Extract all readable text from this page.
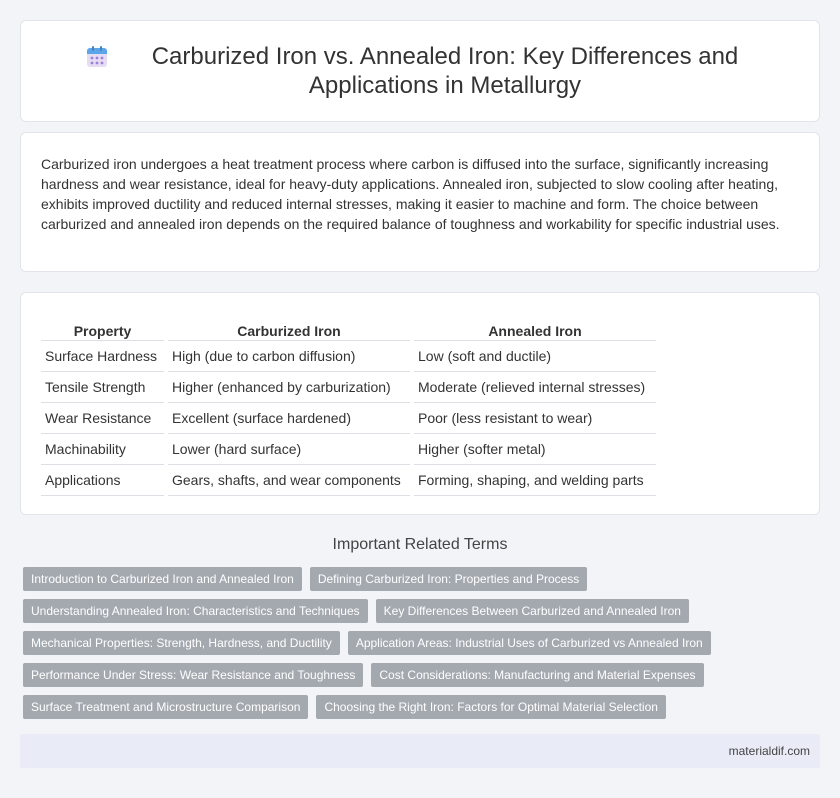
Carburized Iron vs. Annealed Iron: Key Differences and Applications in Metallurgy

Carburized iron undergoes a heat treatment process where carbon is diffused into the surface, significantly increasing hardness and wear resistance, ideal for heavy-duty applications. Annealed iron, subjected to slow cooling after heating, exhibits improved ductility and reduced internal stresses, making it easier to machine and form. The choice between carburized and annealed iron depends on the required balance of toughness and workability for specific industrial uses.

Property	Carburized Iron	Annealed Iron
Surface Hardness	High (due to carbon diffusion)	Low (soft and ductile)
Tensile Strength	Higher (enhanced by carburization)	Moderate (relieved internal stresses)
Wear Resistance	Excellent (surface hardened)	Poor (less resistant to wear)
Machinability	Lower (hard surface)	Higher (softer metal)
Applications	Gears, shafts, and wear components	Forming, shaping, and welding parts
Important Related Terms
Introduction to Carburized Iron and Annealed Iron	Defining Carburized Iron: Properties and Process
Understanding Annealed Iron: Characteristics and Techniques	Key Differences Between Carburized and Annealed Iron
Mechanical Properties: Strength, Hardness, and Ductility	Application Areas: Industrial Uses of Carburized vs Annealed Iron
Performance Under Stress: Wear Resistance and Toughness	Cost Considerations: Manufacturing and Material Expenses
Surface Treatment and Microstructure Comparison	Choosing the Right Iron: Factors for Optimal Material Selection
materialdif.com
